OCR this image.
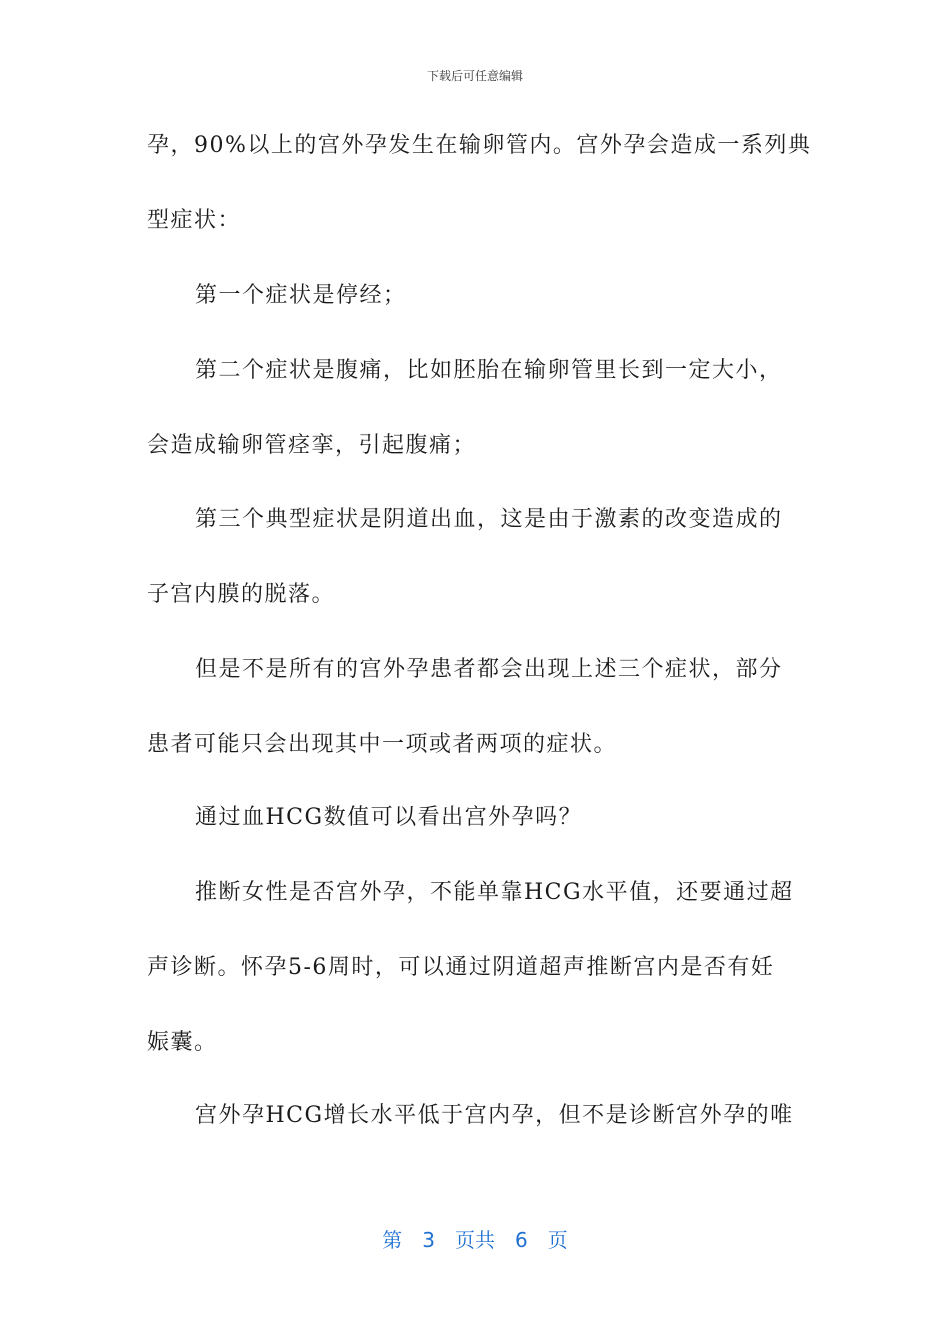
下载后可任意编辑
孕，90%以上的宫外孕发生在输卵管内。宫外孕会造成一系列典
型症状：
第一个症状是停经；
第二个症状是腹痛，比如胚胎在输卵管里长到一定大小，
会造成输卵管痉挛，引起腹痛；
第三个典型症状是阴道出血，这是由于激素的改变造成的
子宫内膜的脱落。
但是不是所有的宫外孕患者都会出现上述三个症状，部分
患者可能只会出现其中一项或者两项的症状。
通过血HCG数值可以看出宫外孕吗？
推断女性是否宫外孕，不能单靠HCG水平值，还要通过超
声诊断。怀孕5-6周时，可以通过阴道超声推断宫内是否有妊
娠囊。
宫外孕HCG增长水平低于宫内孕，但不是诊断宫外孕的唯
第 3 页共 6 页
